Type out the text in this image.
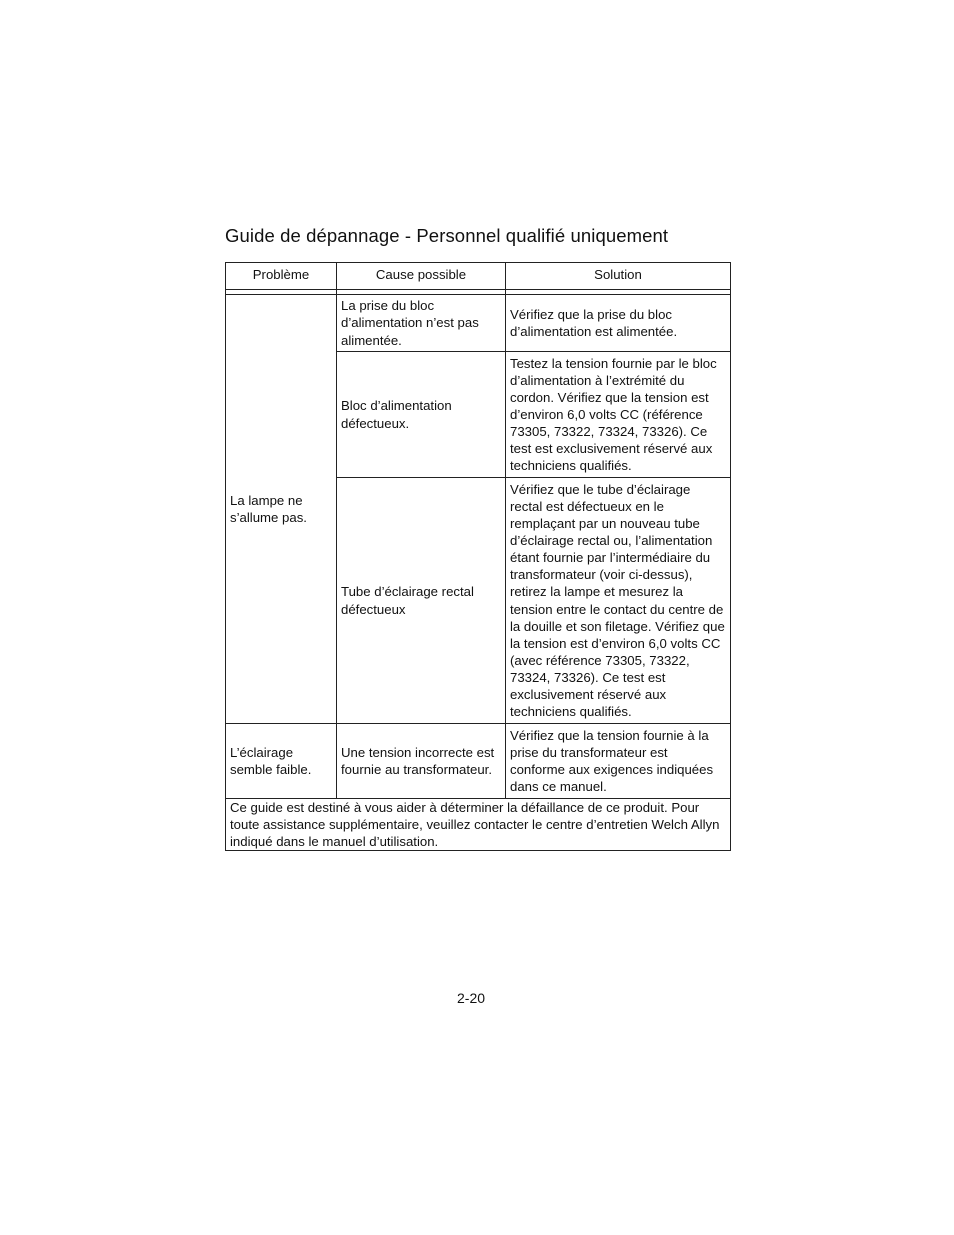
Guide de dépannage - Personnel qualifié uniquement
Problème	Cause possible	Solution

La lampe ne s’allume pas.	La prise du bloc d’alimentation n’est pas alimentée.	Vérifiez que la prise du bloc d’alimentation est alimentée.
	Bloc d’alimentation défectueux.	Testez la tension fournie par le bloc d’alimentation à l’extrémité du cordon. Vérifiez que la tension est d’environ 6,0 volts CC (référence 73305, 73322, 73324, 73326). Ce test est exclusivement réservé aux techniciens qualifiés.
	Tube d’éclairage rectal défectueux	Vérifiez que le tube d’éclairage rectal est défectueux en le remplaçant par un nouveau tube d’éclairage rectal ou, l’alimentation étant fournie par l’intermédiaire du transformateur (voir ci-dessus), retirez la lampe et mesurez la tension entre le contact du centre de la douille et son filetage. Vérifiez que la tension est d’environ 6,0 volts CC (avec référence 73305, 73322, 73324, 73326). Ce test est exclusivement réservé aux techniciens qualifiés.
L’éclairage semble faible.	Une tension incorrecte est fournie au transformateur.	Vérifiez que la tension fournie à la prise du transformateur est conforme aux exigences indiquées dans ce manuel.
Ce guide est destiné à vous aider à déterminer la défaillance de ce produit. Pour toute assistance supplémentaire, veuillez contacter le centre d’entretien Welch Allyn indiqué dans le manuel d’utilisation.		
2-20
